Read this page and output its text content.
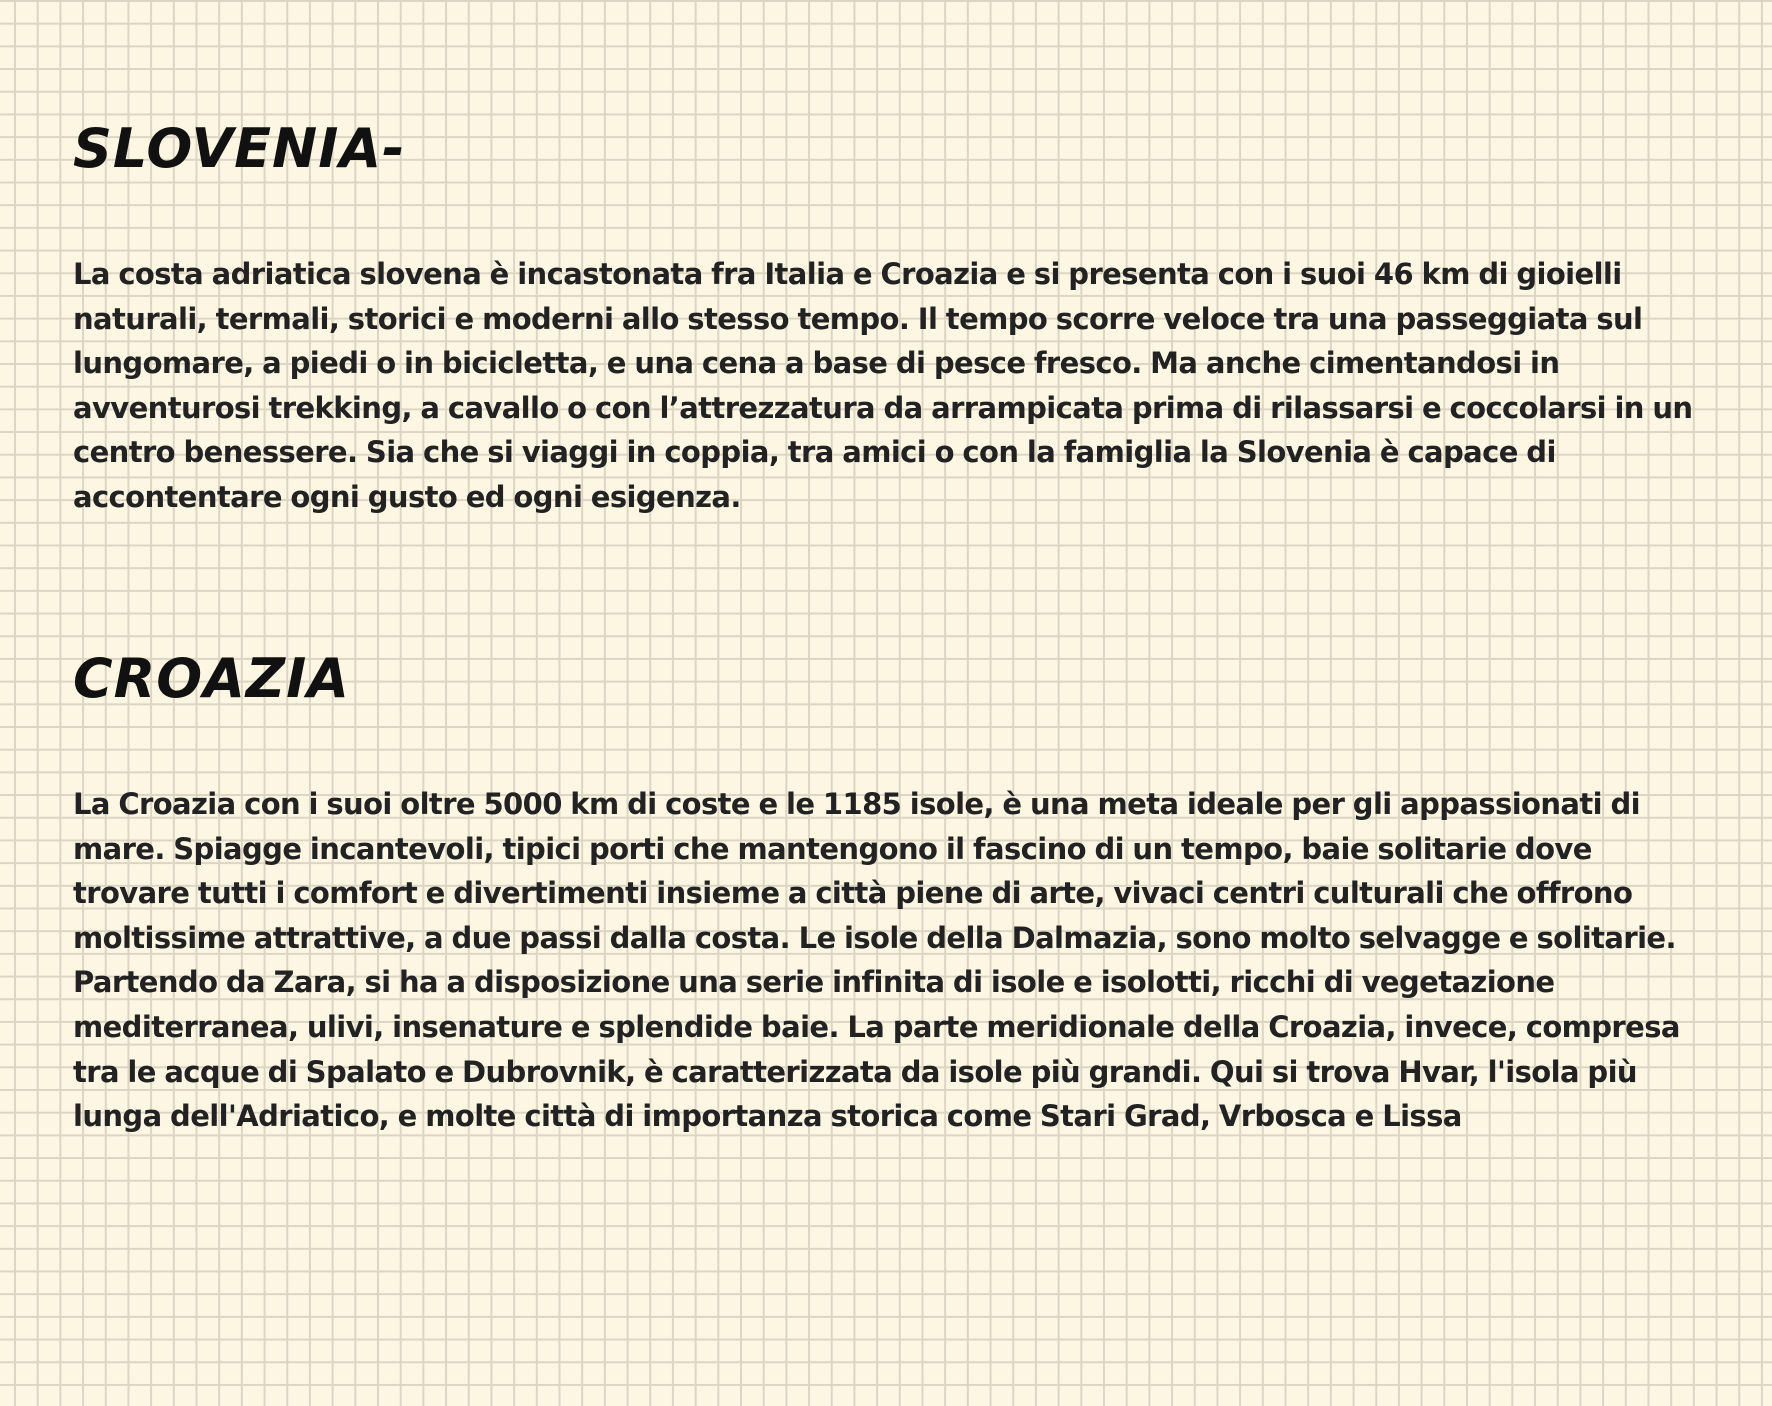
SLOVENIA-

La costa adriatica slovena è incastonata fra Italia e Croazia e si presenta con i suoi 46 km di gioielli naturali, termali, storici e moderni allo stesso tempo. Il tempo scorre veloce tra una passeggiata sul lungomare, a piedi o in bicicletta, e una cena a base di pesce fresco. Ma anche cimentandosi in avventurosi trekking, a cavallo o con l’attrezzatura da arrampicata prima di rilassarsi e coccolarsi in un centro benessere. Sia che si viaggi in coppia, tra amici o con la famiglia la Slovenia è capace di accontentare ogni gusto ed ogni esigenza.

CROAZIA

La Croazia con i suoi oltre 5000 km di coste e le 1185 isole, è una meta ideale per gli appassionati di mare. Spiagge incantevoli, tipici porti che mantengono il fascino di un tempo, baie solitarie dove trovare tutti i comfort e divertimenti insieme a città piene di arte, vivaci centri culturali che offrono moltissime attrattive, a due passi dalla costa. Le isole della Dalmazia, sono molto selvagge e solitarie. Partendo da Zara, si ha a disposizione una serie infinita di isole e isolotti, ricchi di vegetazione mediterranea, ulivi, insenature e splendide baie. La parte meridionale della Croazia, invece, compresa tra le acque di Spalato e Dubrovnik, è caratterizzata da isole più grandi. Qui si trova Hvar, l'isola più lunga dell'Adriatico, e molte città di importanza storica come Stari Grad, Vrbosca e Lissa
